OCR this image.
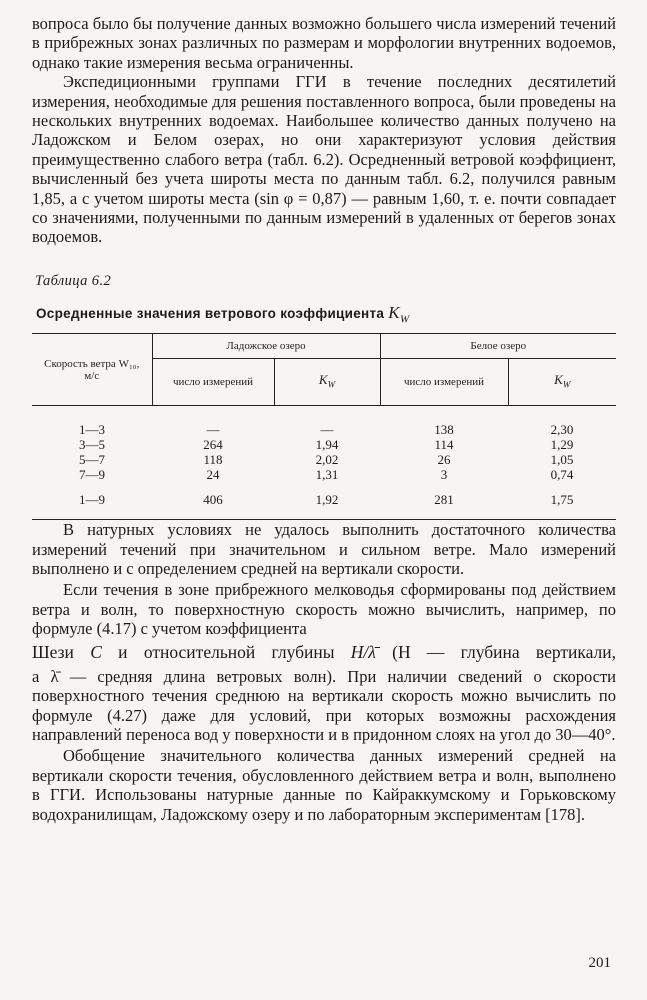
вопроса было бы получение данных возможно большего числа измерений течений в прибрежных зонах различных по размерам и морфологии внутренних водоемов, однако такие измерения весьма ограниченны.

Экспедиционными группами ГГИ в течение последних десятилетий измерения, необходимые для решения поставленного вопроса, были проведены на нескольких внутренних водоемах. Наибольшее количество данных получено на Ладожском и Белом озерах, но они характеризуют условия действия преимущественно слабого ветра (табл. 6.2). Осредненный ветровой коэффициент, вычисленный без учета широты места по данным табл. 6.2, получился равным 1,85, а с учетом широты места (sin φ = 0,87) — равным 1,60, т. е. почти совпадает со значениями, полученными по данным измерений в удаленных от берегов зонах водоемов.

Таблица 6.2
Осредненные значения ветрового коэффициента $K_W$
Скорость ветра W₁₀, м/с	Ладожское озеро		Белое озеро	
	число измерений	$K_W$	число измерений	$K_W$

1—3	—	—	138	2,30
3—5	264	1,94	114	1,29
5—7	118	2,02	26	1,05
7—9	24	1,31	3	0,74

1—9	406	1,92	281	1,75

В натурных условиях не удалось выполнить достаточного количества измерений течений при значительном и сильном ветре. Мало измерений выполнено и с определением средней на вертикали скорости.

Если течения в зоне прибрежного мелководья сформированы под действием ветра и волн, то поверхностную скорость можно вычислить, например, по формуле (4.17) с учетом коэффициента

Шези C и относительной глубины H/λ̄ (H — глубина вертикали,

а λ̄ — средняя длина ветровых волн). При наличии сведений о скорости поверхностного течения среднюю на вертикали скорость можно вычислить по формуле (4.27) даже для условий, при которых возможны расхождения направлений переноса вод у поверхности и в придонном слоях на угол до 30—40°.

Обобщение значительного количества данных измерений средней на вертикали скорости течения, обусловленного действием ветра и волн, выполнено в ГГИ. Использованы натурные данные по Кайраккумскому и Горьковскому водохранилищам, Ладожскому озеру и по лабораторным экспериментам [178].

201
